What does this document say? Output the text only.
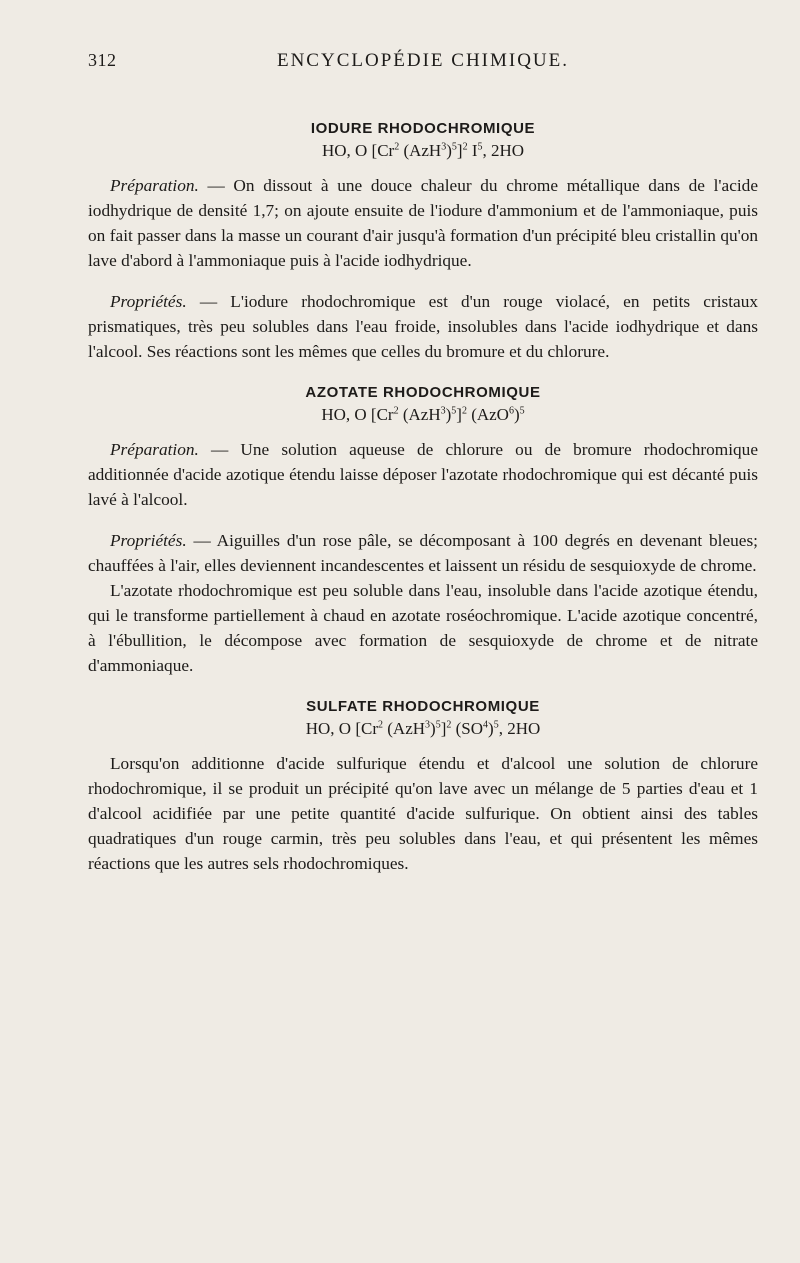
312	ENCYCLOPÉDIE CHIMIQUE.
IODURE RHODOCHROMIQUE
HO, O [Cr$^2$ $(AzH^3)^5]^2$ $I^5$, 2HO

Préparation. — On dissout à une douce chaleur du chrome métallique dans de l'acide iodhydrique de densité 1,7; on ajoute ensuite de l'iodure d'ammonium et de l'ammoniaque, puis on fait passer dans la masse un courant d'air jusqu'à formation d'un précipité bleu cristallin qu'on lave d'abord à l'ammoniaque puis à l'acide iodhydrique.

Propriétés. — L'iodure rhodochromique est d'un rouge violacé, en petits cristaux prismatiques, très peu solubles dans l'eau froide, insolubles dans l'acide iodhydrique et dans l'alcool. Ses réactions sont les mêmes que celles du bromure et du chlorure.

AZOTATE RHODOCHROMIQUE
HO, O [Cr$^2$ $(AzH^3)^5]^2$ $(AzO^6)^5$

Préparation. — Une solution aqueuse de chlorure ou de bromure rhodochromique additionnée d'acide azotique étendu laisse déposer l'azotate rhodochromique qui est décanté puis lavé à l'alcool.

Propriétés. — Aiguilles d'un rose pâle, se décomposant à 100 degrés en devenant bleues; chauffées à l'air, elles deviennent incandescentes et laissent un résidu de sesquioxyde de chrome.

L'azotate rhodochromique est peu soluble dans l'eau, insoluble dans l'acide azotique étendu, qui le transforme partiellement à chaud en azotate roséochromique. L'acide azotique concentré, à l'ébullition, le décompose avec formation de sesquioxyde de chrome et de nitrate d'ammoniaque.

SULFATE RHODOCHROMIQUE
HO, O [Cr$^2$ $(AzH^3)^5]^2$ $(SO^4)^5$, 2HO

Lorsqu'on additionne d'acide sulfurique étendu et d'alcool une solution de chlorure rhodochromique, il se produit un précipité qu'on lave avec un mélange de 5 parties d'eau et 1 d'alcool acidifiée par une petite quantité d'acide sulfurique. On obtient ainsi des tables quadratiques d'un rouge carmin, très peu solubles dans l'eau, et qui présentent les mêmes réactions que les autres sels rhodochromiques.
